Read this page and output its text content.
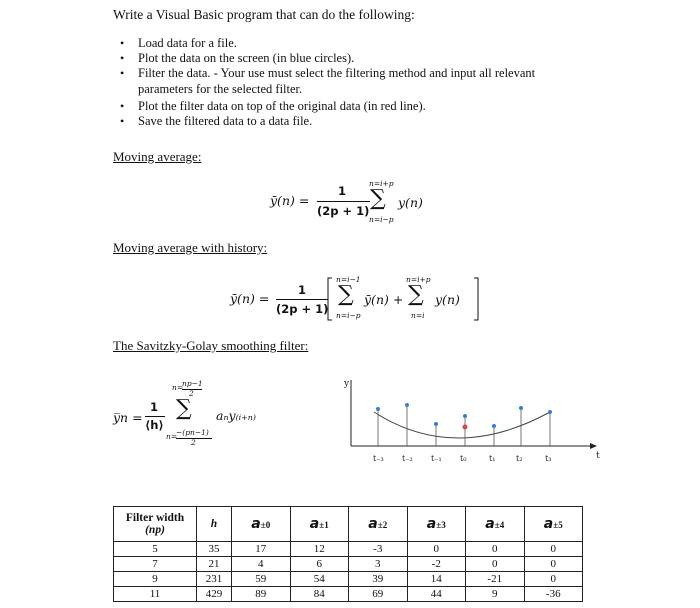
Write a Visual Basic program that can do the following:
• Load data for a file.
• Plot the data on the screen (in blue circles).
• Filter the data. - Your use must select the filtering method and input all relevant
parameters for the selected filter.
• Plot the filter data on top of the original data (in red line).
• Save the filtered data to a data file.
Moving average:
ȳ(n) =
1
(2p + 1)
n=i+p
∑
n=i−p
y(n)
Moving average with history:
ȳ(n) =
1
(2p + 1)
n=i−1
∑
n=i−p
ȳ(n) +
n=i+p
∑
n=i
y(n)
The Savitzky-Golay smoothing filter:
y̅n =
1
⟨h⟩
n=
np−1
2
∑
n=
−(pn−1)
2
aₙy₍ᵢ₊ₙ₎
y
t
t₋₃ t₋₂ t₋₁ t₀	t₁	t₂	t₃
Filter width
(np)	h	a±0	a±1	a±2	a±3	a±4	a±5
5	35	17	12	-3	0	0	0
7	21	4	6	3	-2	0	0
9	231	59	54	39	14	-21	0
11	429	89	84	69	44	9	-36
